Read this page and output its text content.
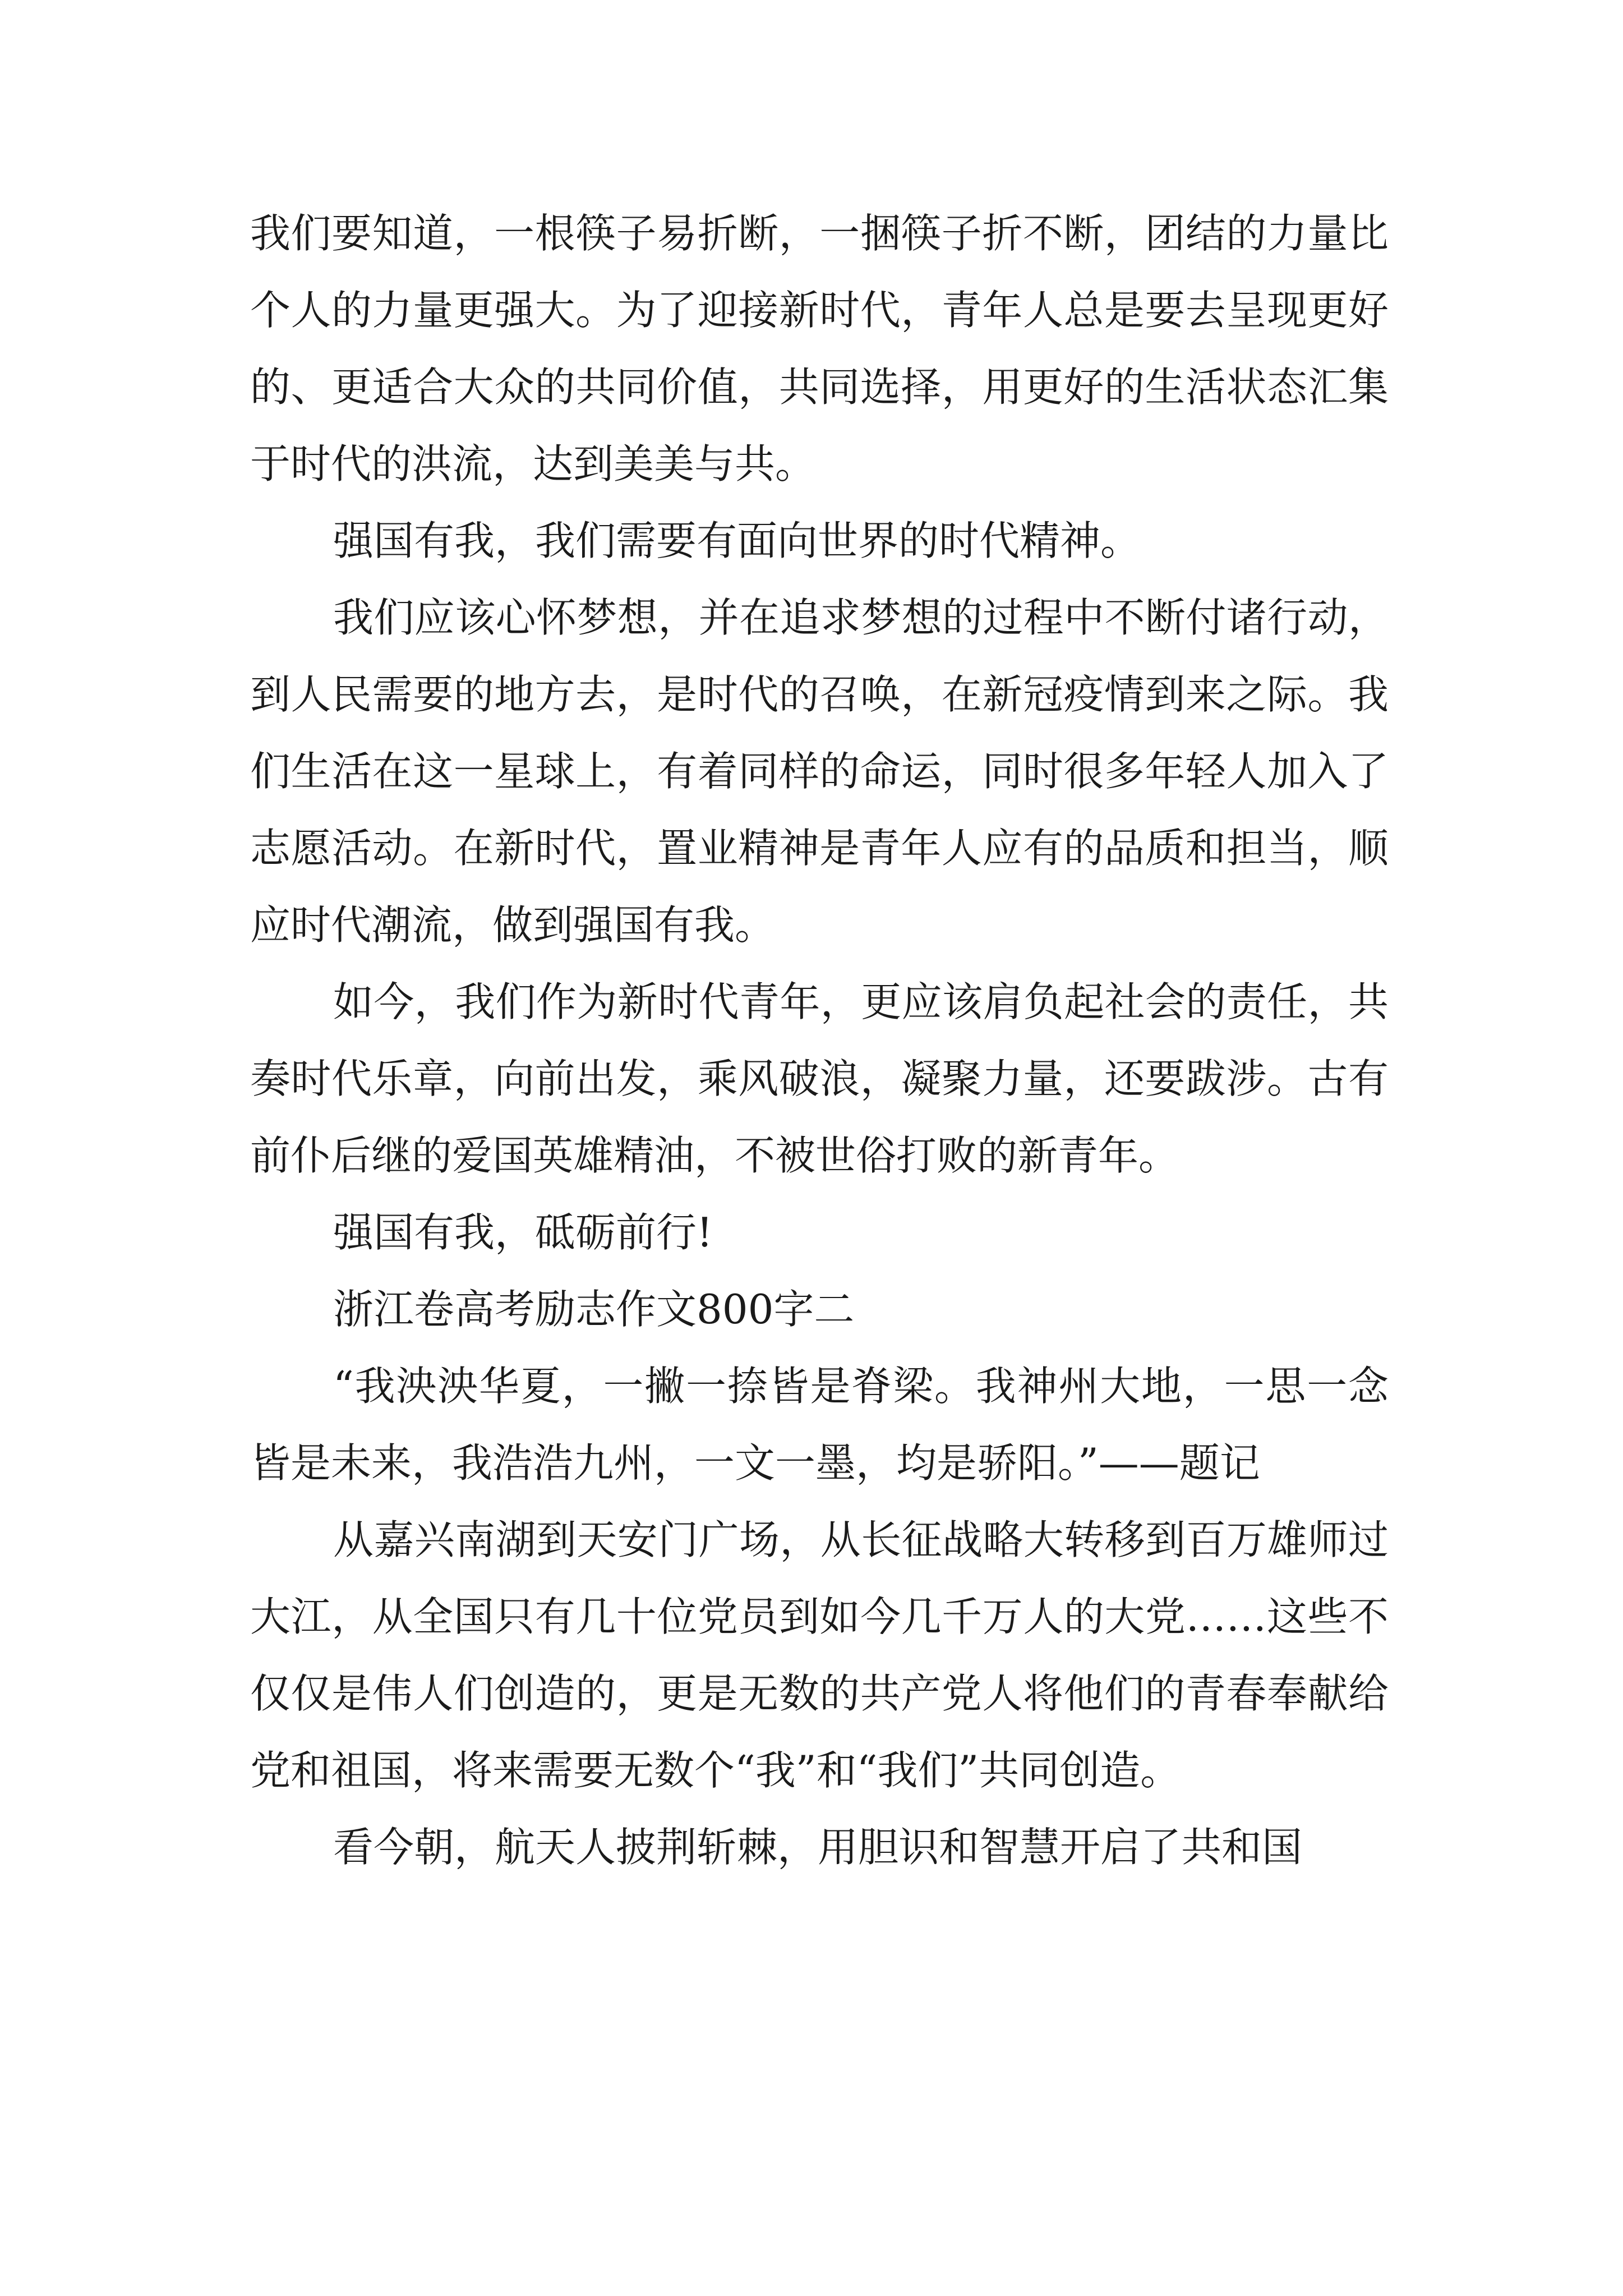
我们要知道，一根筷子易折断，一捆筷子折不断，团结的力量比个人的力量更强大。为了迎接新时代，青年人总是要去呈现更好的、更适合大众的共同价值，共同选择，用更好的生活状态汇集于时代的洪流，达到美美与共。

强国有我，我们需要有面向世界的时代精神。

我们应该心怀梦想，并在追求梦想的过程中不断付诸行动，到人民需要的地方去，是时代的召唤，在新冠疫情到来之际。我们生活在这一星球上，有着同样的命运，同时很多年轻人加入了志愿活动。在新时代，置业精神是青年人应有的品质和担当，顺应时代潮流，做到强国有我。

如今，我们作为新时代青年，更应该肩负起社会的责任，共奏时代乐章，向前出发，乘风破浪，凝聚力量，还要跋涉。古有前仆后继的爱国英雄精油，不被世俗打败的新青年。

强国有我，砥砺前行!

浙江卷高考励志作文800字二

“我泱泱华夏，一撇一捺皆是脊梁。我神州大地，一思一念皆是未来，我浩浩九州，一文一墨，均是骄阳。”——题记

从嘉兴南湖到天安门广场，从长征战略大转移到百万雄师过大江，从全国只有几十位党员到如今几千万人的大党……这些不仅仅是伟人们创造的，更是无数的共产党人将他们的青春奉献给党和祖国，将来需要无数个“我”和“我们”共同创造。

看今朝，航天人披荆斩棘，用胆识和智慧开启了共和国
